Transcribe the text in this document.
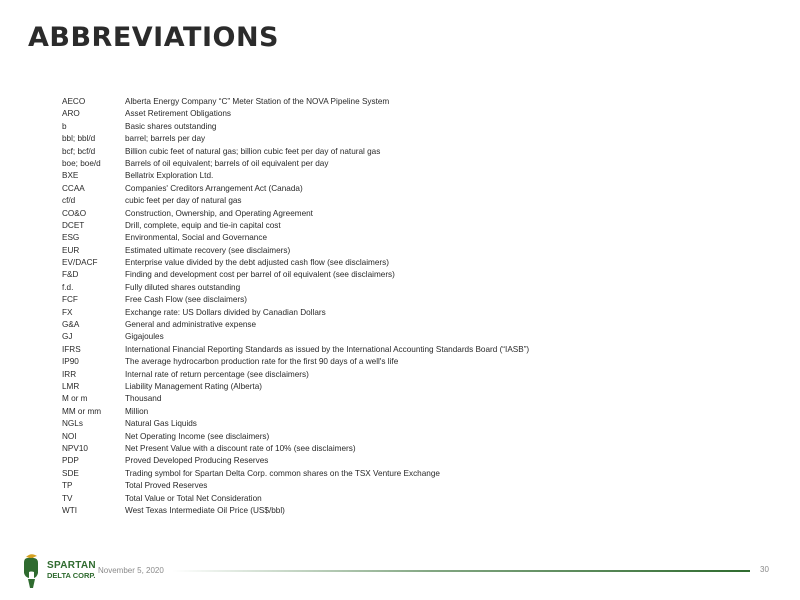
ABBREVIATIONS
AECO	Alberta Energy Company “C” Meter Station of the NOVA Pipeline System
ARO	Asset Retirement Obligations
b	Basic shares outstanding
bbl; bbl/d	barrel; barrels per day
bcf; bcf/d	Billion cubic feet of natural gas; billion cubic feet per day of natural gas
boe; boe/d	Barrels of oil equivalent; barrels of oil equivalent per day
BXE	Bellatrix Exploration Ltd.
CCAA	Companies' Creditors Arrangement Act (Canada)
cf/d	cubic feet per day of natural gas
CO&O	Construction, Ownership, and Operating Agreement
DCET	Drill, complete, equip and tie-in capital cost
ESG	Environmental, Social and Governance
EUR	Estimated ultimate recovery (see disclaimers)
EV/DACF	Enterprise value divided by the debt adjusted cash flow (see disclaimers)
F&D	Finding and development cost per barrel of oil equivalent (see disclaimers)
f.d.	Fully diluted shares outstanding
FCF	Free Cash Flow (see disclaimers)
FX	Exchange rate: US Dollars divided by Canadian Dollars
G&A	General and administrative expense
GJ	Gigajoules
IFRS	International Financial Reporting Standards as issued by the International Accounting Standards Board (“IASB”)
IP90	The average hydrocarbon production rate for the first 90 days of a well's life
IRR	Internal rate of return percentage (see disclaimers)
LMR	Liability Management Rating (Alberta)
M or m	Thousand
MM or mm	Million
NGLs	Natural Gas Liquids
NOI	Net Operating Income (see disclaimers)
NPV10	Net Present Value with a discount rate of 10% (see disclaimers)
PDP	Proved Developed Producing Reserves
SDE	Trading symbol for Spartan Delta Corp. common shares on the TSX Venture Exchange
TP	Total Proved Reserves
TV	Total Value or Total Net Consideration
WTI	West Texas Intermediate Oil Price (US$/bbl)
SPARTAN
DELTA CORP.
November 5, 2020	30
